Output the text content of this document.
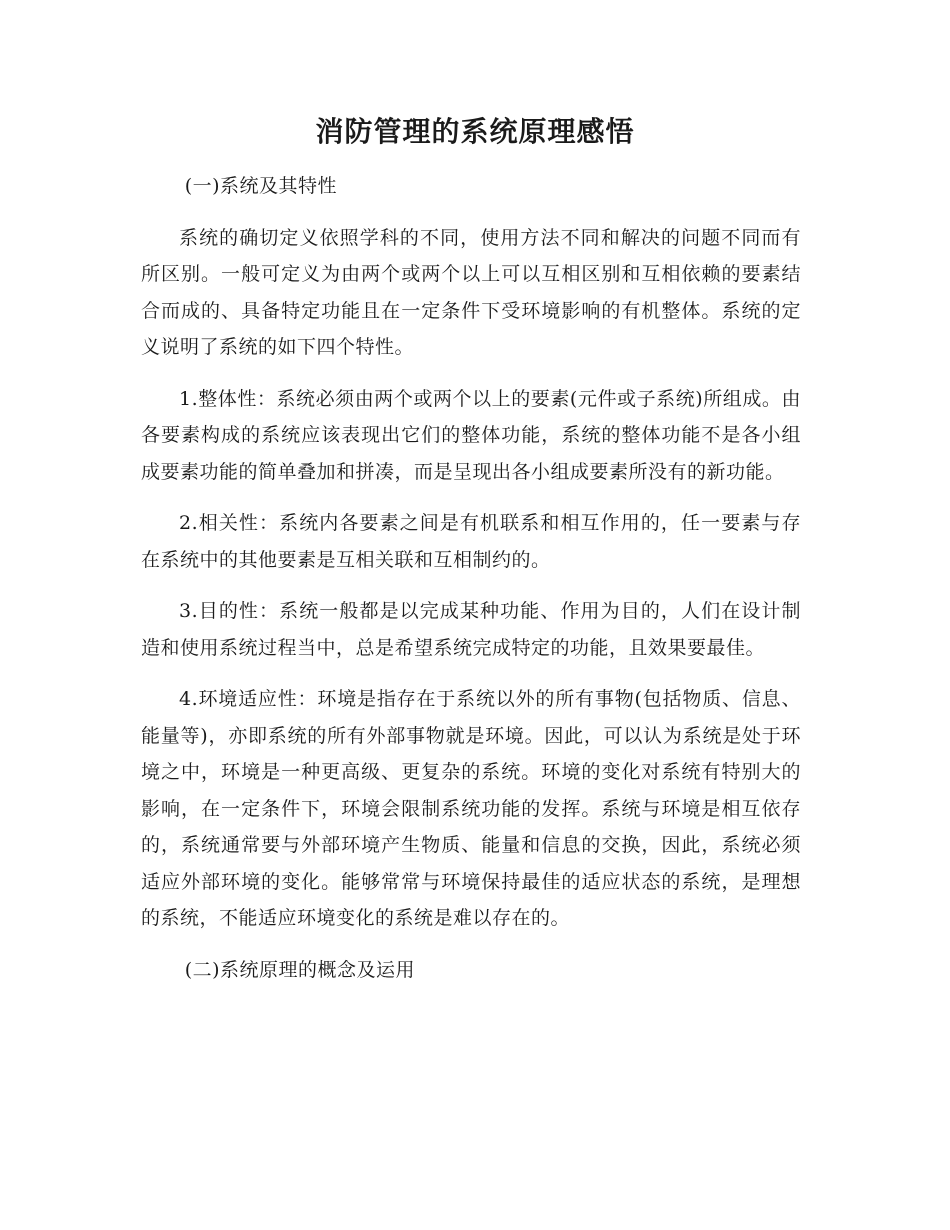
消防管理的系统原理感悟

(一)系统及其特性

系统的确切定义依照学科的不同，使用方法不同和解决的问题不同而有所区别。一般可定义为由两个或两个以上可以互相区别和互相依赖的要素结合而成的、具备特定功能且在一定条件下受环境影响的有机整体。系统的定义说明了系统的如下四个特性。

1.整体性：系统必须由两个或两个以上的要素(元件或子系统)所组成。由各要素构成的系统应该表现出它们的整体功能，系统的整体功能不是各小组成要素功能的简单叠加和拼凑，而是呈现出各小组成要素所没有的新功能。

2.相关性：系统内各要素之间是有机联系和相互作用的，任一要素与存在系统中的其他要素是互相关联和互相制约的。

3.目的性：系统一般都是以完成某种功能、作用为目的，人们在设计制造和使用系统过程当中，总是希望系统完成特定的功能，且效果要最佳。

4.环境适应性：环境是指存在于系统以外的所有事物(包括物质、信息、能量等)，亦即系统的所有外部事物就是环境。因此，可以认为系统是处于环境之中，环境是一种更高级、更复杂的系统。环境的变化对系统有特别大的影响，在一定条件下，环境会限制系统功能的发挥。系统与环境是相互依存的，系统通常要与外部环境产生物质、能量和信息的交换，因此，系统必须适应外部环境的变化。能够常常与环境保持最佳的适应状态的系统，是理想的系统，不能适应环境变化的系统是难以存在的。

(二)系统原理的概念及运用
